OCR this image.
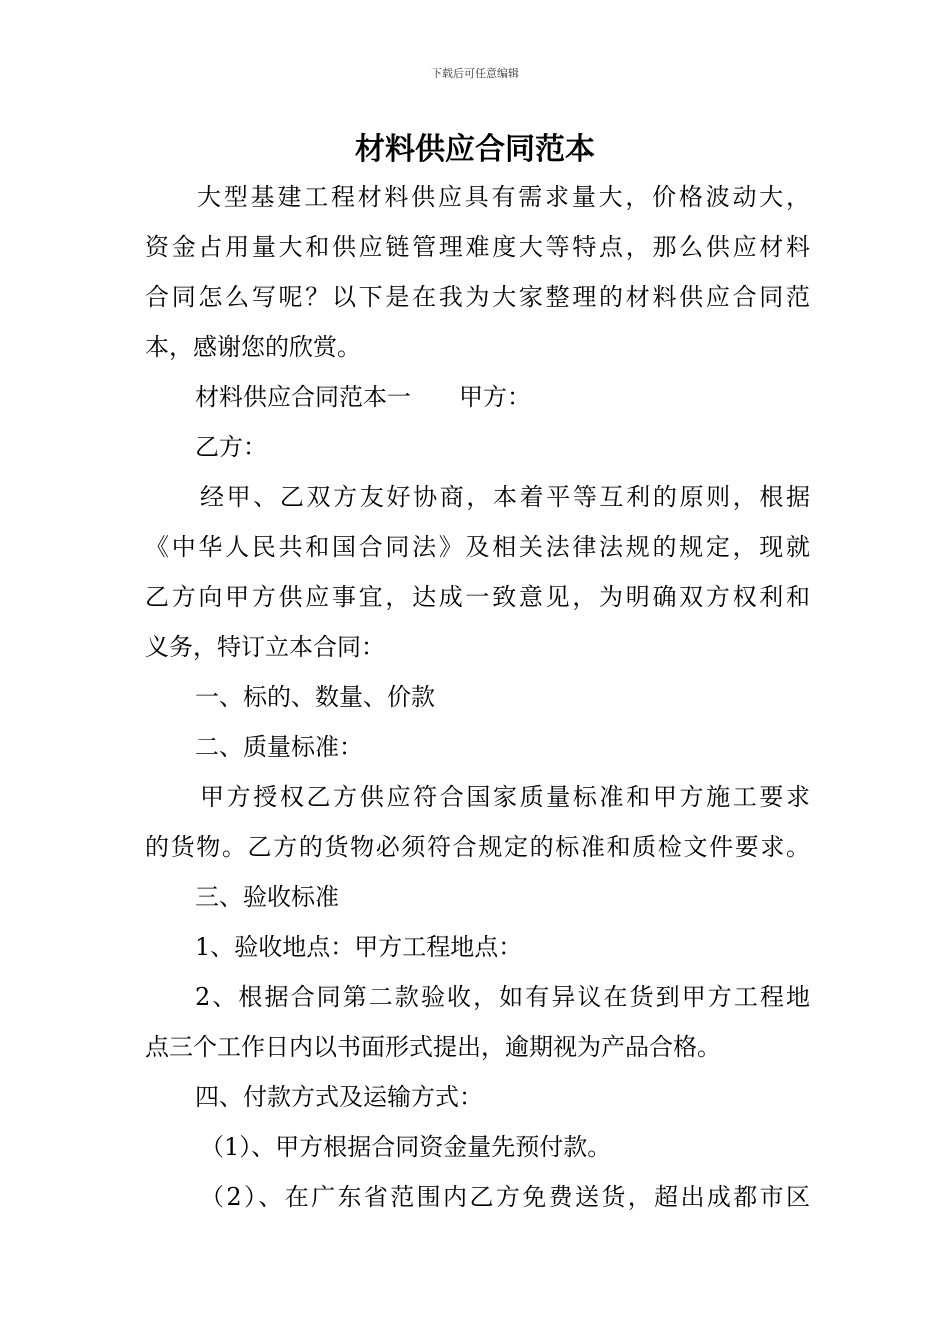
下载后可任意编辑
材料供应合同范本
大型基建工程材料供应具有需求量大，价格波动大，
资金占用量大和供应链管理难度大等特点，那么供应材料
合同怎么写呢？以下是在我为大家整理的材料供应合同范
本，感谢您的欣赏。
材料供应合同范本一　　甲方：
乙方：
经甲、乙双方友好协商，本着平等互利的原则，根据
《中华人民共和国合同法》及相关法律法规的规定，现就
乙方向甲方供应事宜，达成一致意见，为明确双方权利和
义务，特订立本合同：
一、标的、数量、价款
二、质量标准：
甲方授权乙方供应符合国家质量标准和甲方施工要求
的货物。乙方的货物必须符合规定的标准和质检文件要求。
三、验收标准
1、验收地点：甲方工程地点：
2、根据合同第二款验收，如有异议在货到甲方工程地
点三个工作日内以书面形式提出，逾期视为产品合格。
四、付款方式及运输方式：
（1）、甲方根据合同资金量先预付款。
（2）、在广东省范围内乙方免费送货，超出成都市区
